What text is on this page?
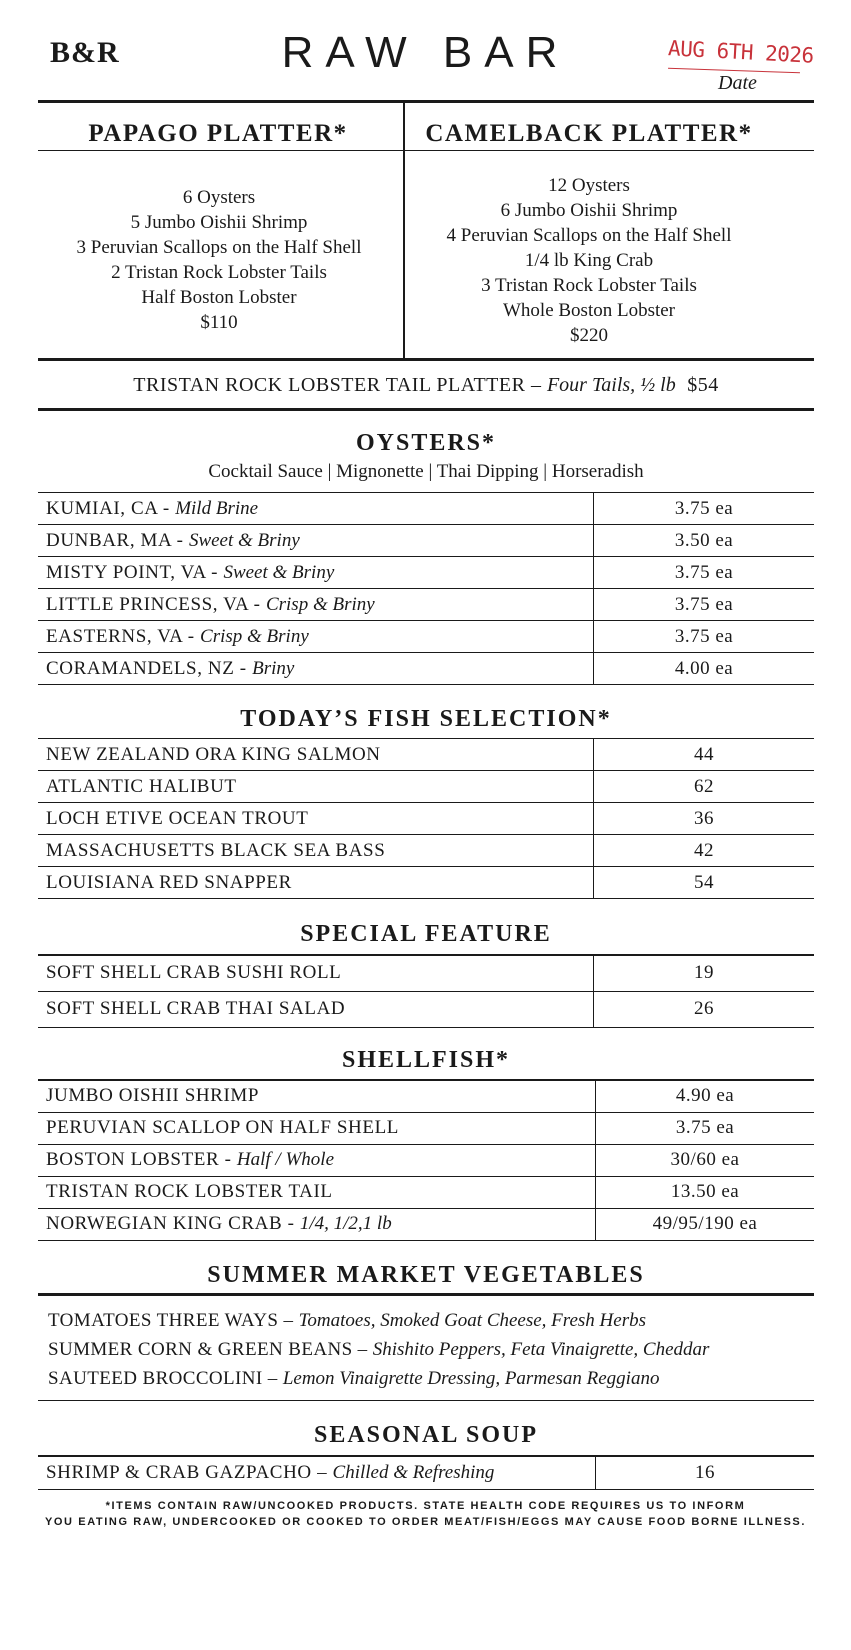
B&R	RAW BAR	AUG 6TH 2026
Date
PAPAGO PLATTER*	CAMELBACK PLATTER*
6 Oysters
5 Jumbo Oishii Shrimp
3 Peruvian Scallops on the Half Shell
2 Tristan Rock Lobster Tails
Half Boston Lobster
$110
12 Oysters
6 Jumbo Oishii Shrimp
4 Peruvian Scallops on the Half Shell
1/4 lb King Crab
3 Tristan Rock Lobster Tails
Whole Boston Lobster
$220
TRISTAN ROCK LOBSTER TAIL PLATTER – Four Tails, ½ lb $54
OYSTERS*
Cocktail Sauce | Mignonette | Thai Dipping | Horseradish
KUMIAI, CA - Mild Brine	3.75 ea
DUNBAR, MA - Sweet & Briny	3.50 ea
MISTY POINT, VA - Sweet & Briny	3.75 ea
LITTLE PRINCESS, VA - Crisp & Briny	3.75 ea
EASTERNS, VA - Crisp & Briny	3.75 ea
CORAMANDELS, NZ - Briny	4.00 ea
TODAY’S FISH SELECTION*
NEW ZEALAND ORA KING SALMON	44
ATLANTIC HALIBUT	62
LOCH ETIVE OCEAN TROUT	36
MASSACHUSETTS BLACK SEA BASS	42
LOUISIANA RED SNAPPER	54
SPECIAL FEATURE
SOFT SHELL CRAB SUSHI ROLL	19
SOFT SHELL CRAB THAI SALAD	26
SHELLFISH*
JUMBO OISHII SHRIMP	4.90 ea
PERUVIAN SCALLOP ON HALF SHELL	3.75 ea
BOSTON LOBSTER - Half / Whole	30/60 ea
TRISTAN ROCK LOBSTER TAIL	13.50 ea
NORWEGIAN KING CRAB - 1/4, 1/2,1 lb	49/95/190 ea
SUMMER MARKET VEGETABLES
TOMATOES THREE WAYS – Tomatoes, Smoked Goat Cheese, Fresh Herbs
SUMMER CORN & GREEN BEANS – Shishito Peppers, Feta Vinaigrette, Cheddar
SAUTEED BROCCOLINI – Lemon Vinaigrette Dressing, Parmesan Reggiano
SEASONAL SOUP
SHRIMP & CRAB GAZPACHO – Chilled & Refreshing	16
*ITEMS CONTAIN RAW/UNCOOKED PRODUCTS. STATE HEALTH CODE REQUIRES US TO INFORM
YOU EATING RAW, UNDERCOOKED OR COOKED TO ORDER MEAT/FISH/EGGS MAY CAUSE FOOD BORNE ILLNESS.
